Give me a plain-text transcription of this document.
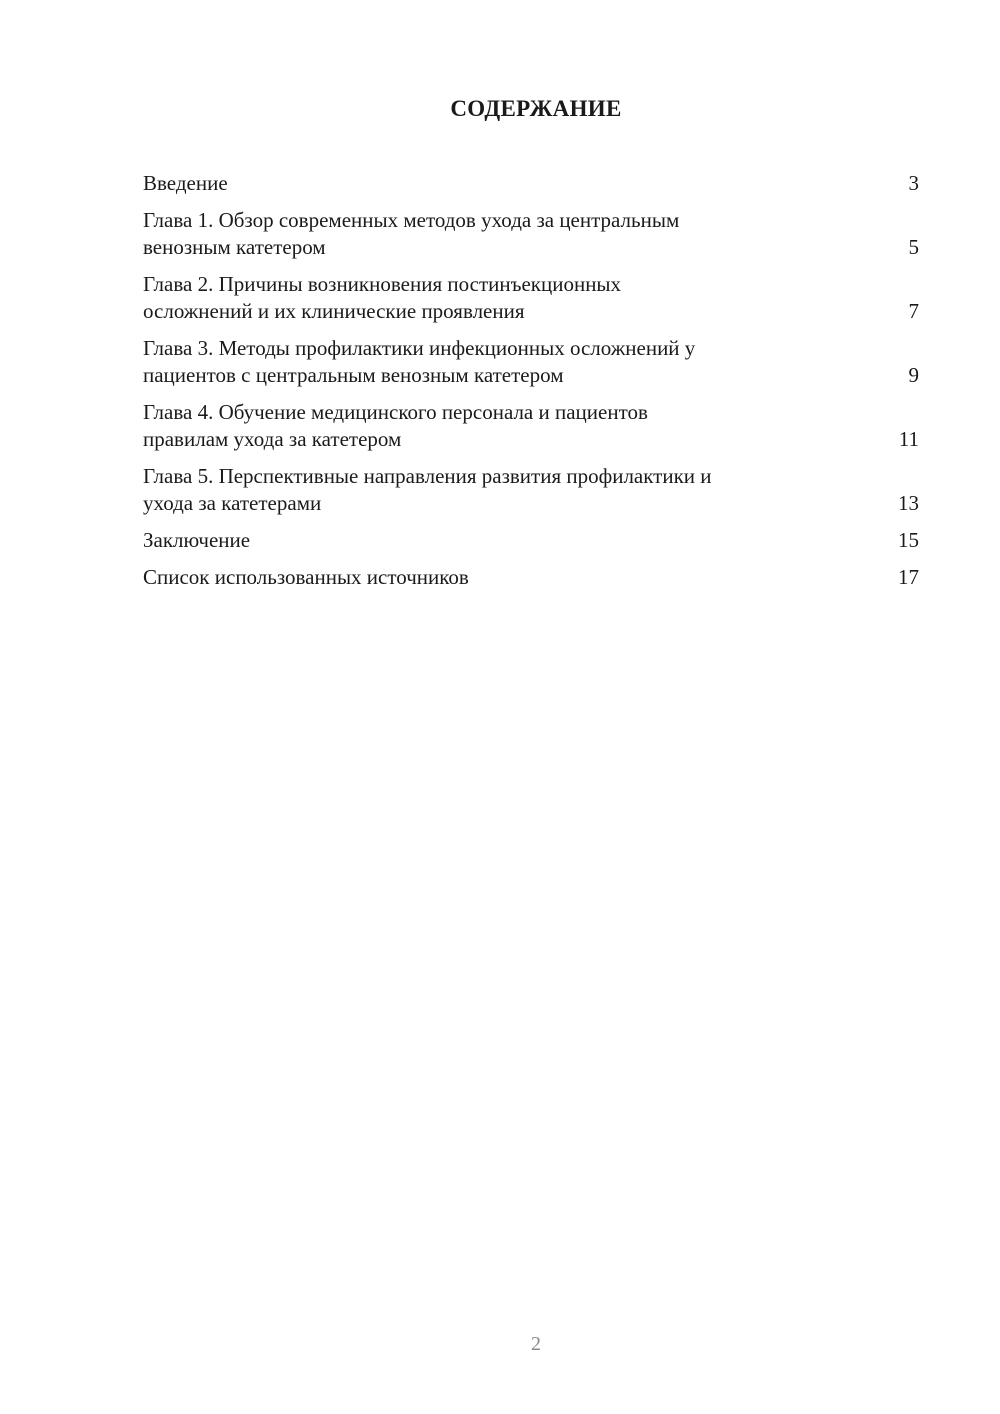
СОДЕРЖАНИЕ
Введение	3
Глава 1. Обзор современных методов ухода за центральным
венозным катетером	5
Глава 2. Причины возникновения постинъекционных
осложнений и их клинические проявления	7
Глава 3. Методы профилактики инфекционных осложнений у
пациентов с центральным венозным катетером	9
Глава 4. Обучение медицинского персонала и пациентов
правилам ухода за катетером	11
Глава 5. Перспективные направления развития профилактики и
ухода за катетерами	13
Заключение	15
Список использованных источников	17
2
